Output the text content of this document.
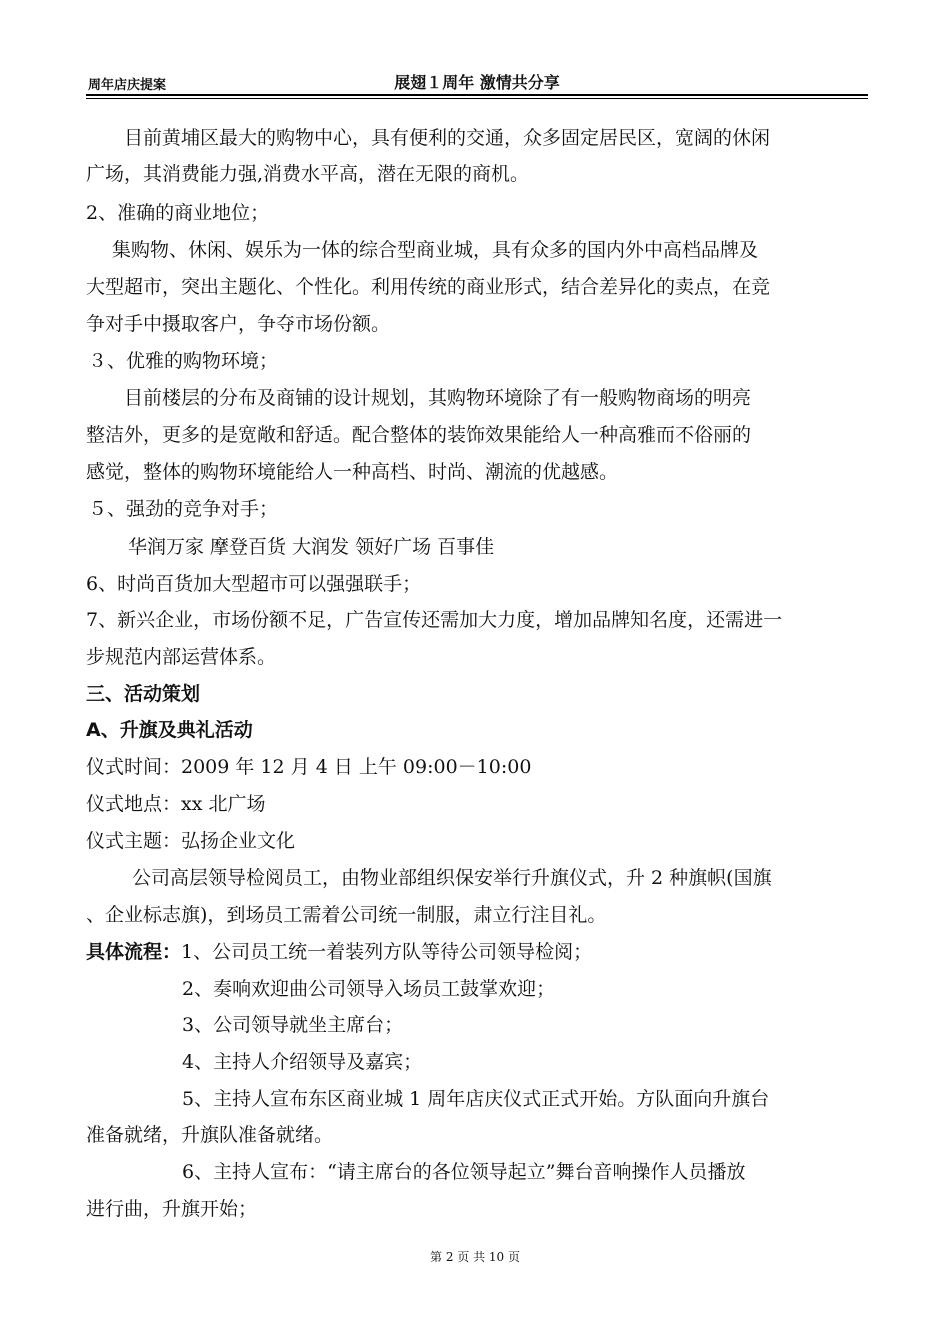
周年店庆提案	展翅１周年 激情共分享
目前黄埔区最大的购物中心，具有便利的交通，众多固定居民区，宽阔的休闲
广场，其消费能力强,消费水平高，潜在无限的商机。
2、准确的商业地位；
集购物、休闲、娱乐为一体的综合型商业城，具有众多的国内外中高档品牌及
大型超市，突出主题化、个性化。利用传统的商业形式，结合差异化的卖点，在竞
争对手中摄取客户，争夺市场份额。
３、优雅的购物环境；
目前楼层的分布及商铺的设计规划，其购物环境除了有一般购物商场的明亮
整洁外，更多的是宽敞和舒适。配合整体的装饰效果能给人一种高雅而不俗丽的
感觉，整体的购物环境能给人一种高档、时尚、潮流的优越感。
５、强劲的竞争对手；
华润万家 摩登百货 大润发 领好广场 百事佳
6、时尚百货加大型超市可以强强联手；
7、新兴企业，市场份额不足，广告宣传还需加大力度，增加品牌知名度，还需进一
步规范内部运营体系。
三、活动策划
A、升旗及典礼活动
仪式时间：2009 年 12 月 4 日 上午 09:00－10:00
仪式地点：xx 北广场
仪式主题：弘扬企业文化
公司高层领导检阅员工，由物业部组织保安举行升旗仪式，升 2 种旗帜(国旗
、企业标志旗)，到场员工需着公司统一制服，肃立行注目礼。
具体流程：1、公司员工统一着装列方队等待公司领导检阅；
2、奏响欢迎曲公司领导入场员工鼓掌欢迎；
3、公司领导就坐主席台；
4、主持人介绍领导及嘉宾；
5、主持人宣布东区商业城 1 周年店庆仪式正式开始。方队面向升旗台
准备就绪，升旗队准备就绪。
6、主持人宣布：“请主席台的各位领导起立”舞台音响操作人员播放
进行曲，升旗开始；
第 2 页 共 10 页
